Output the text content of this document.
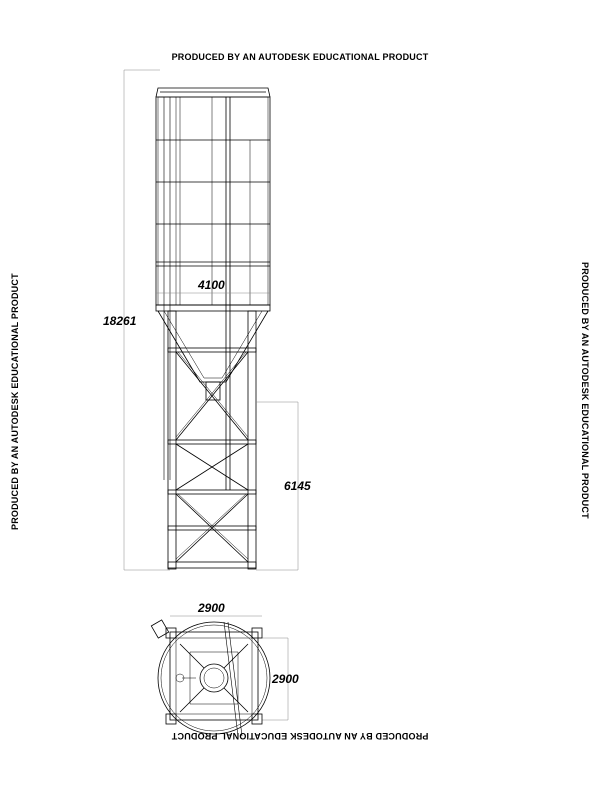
PRODUCED BY AN AUTODESK EDUCATIONAL PRODUCT
PRODUCED BY AN AUTODESK EDUCATIONAL PRODUCT
PRODUCED BY AN AUTODESK EDUCATIONAL PRODUCT	PRODUCED BY AN AUTODESK EDUCATIONAL PRODUCT
18261
4100
6145
2900
2900
